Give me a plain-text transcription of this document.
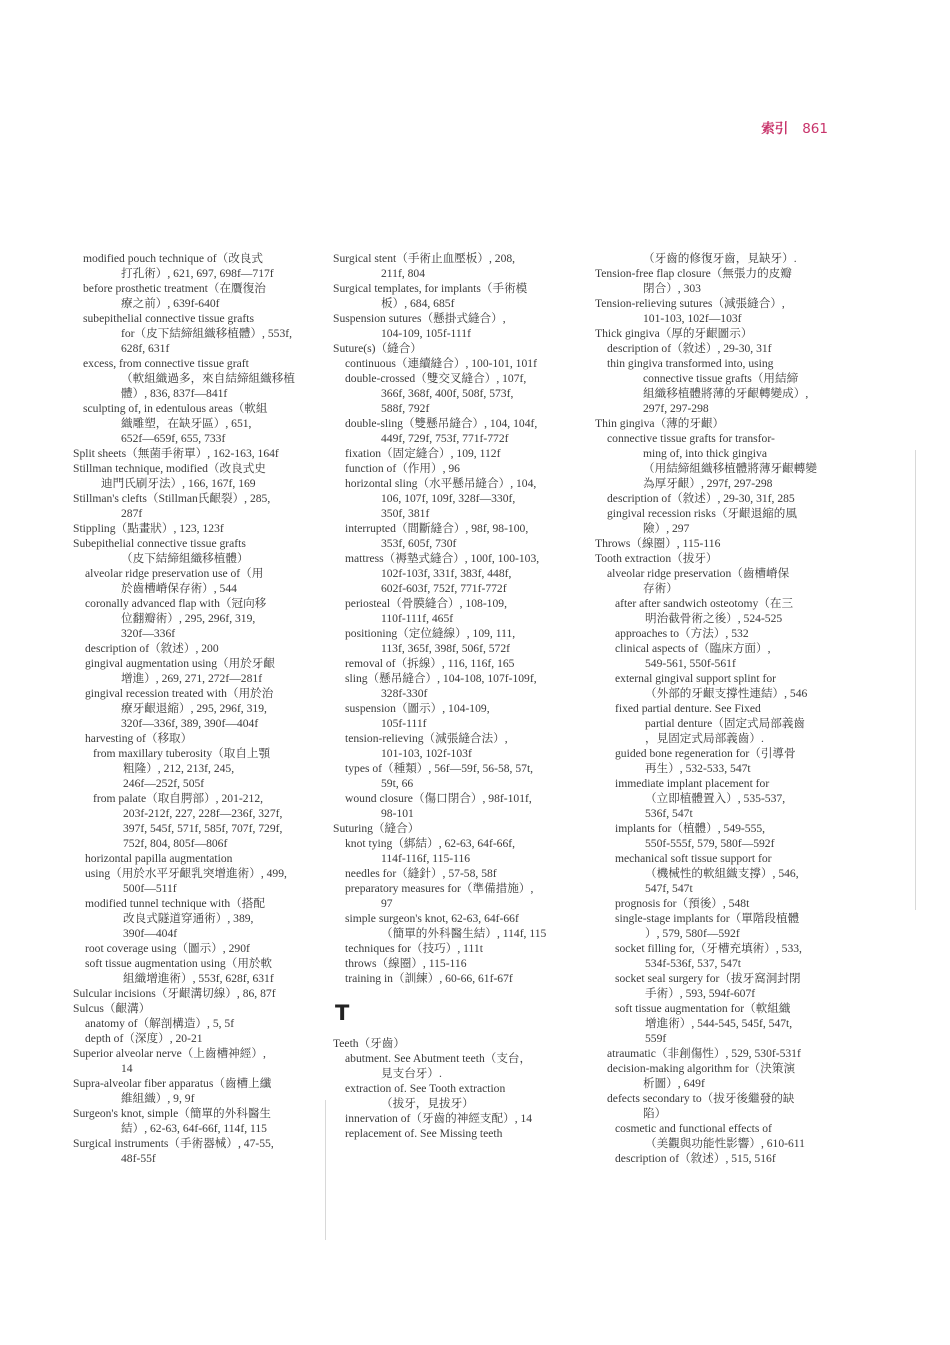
索引 861
modified pouch technique of（改良式
打孔術）, 621, 697, 698f—717f
before prosthetic treatment（在贋復治
療之前）, 639f-640f
subepithelial connective tissue grafts
for（皮下結締組織移植體）, 553f,
628f, 631f
excess, from connective tissue graft
（軟組織過多，來自結締組織移植
體）, 836, 837f—841f
sculpting of, in edentulous areas（軟組
織雕塑，在缺牙區）, 651,
652f—659f, 655, 733f
Split sheets（無菌手術單）, 162-163, 164f
Stillman technique, modified（改良式史
迪門氏刷牙法）, 166, 167f, 169
Stillman's clefts（Stillman氏齦裂）, 285,
287f
Stippling（點畫狀）, 123, 123f
Subepithelial connective tissue grafts
（皮下結締組織移植體）
alveolar ridge preservation use of（用
於齒槽嵴保存術）, 544
coronally advanced flap with（冠向移
位翻瓣術）, 295, 296f, 319,
320f—336f
description of（敘述）, 200
gingival augmentation using（用於牙齦
增進）, 269, 271, 272f—281f
gingival recession treated with（用於治
療牙齦退縮）, 295, 296f, 319,
320f—336f, 389, 390f—404f
harvesting of（移取）
from maxillary tuberosity（取自上顎
粗隆）, 212, 213f, 245,
246f—252f, 505f
from palate（取自腭部）, 201-212,
203f-212f, 227, 228f—236f, 327f,
397f, 545f, 571f, 585f, 707f, 729f,
752f, 804, 805f—806f
horizontal papilla augmentation
using（用於水平牙齦乳突增進術）, 499,
500f—511f
modified tunnel technique with（搭配
改良式隧道穿通術）, 389,
390f—404f
root coverage using（圖示）, 290f
soft tissue augmentation using（用於軟
組織增進術）, 553f, 628f, 631f
Sulcular incisions（牙齦溝切線）, 86, 87f
Sulcus（齦溝）
anatomy of（解剖構造）, 5, 5f
depth of（深度）, 20-21
Superior alveolar nerve（上齒槽神經）,
14
Supra-alveolar fiber apparatus（齒槽上纖
維組織）, 9, 9f
Surgeon's knot, simple（簡單的外科醫生
結）, 62-63, 64f-66f, 114f, 115
Surgical instruments（手術器械）, 47-55,
48f-55f
Surgical stent（手術止血壓板）, 208,
211f, 804
Surgical templates, for implants（手術模
板）, 684, 685f
Suspension sutures（懸掛式縫合）,
104-109, 105f-111f
Suture(s)（縫合）
continuous（連續縫合）, 100-101, 101f
double-crossed（雙交叉縫合）, 107f,
366f, 368f, 400f, 508f, 573f,
588f, 792f
double-sling（雙懸吊縫合）, 104, 104f,
449f, 729f, 753f, 771f-772f
fixation（固定縫合）, 109, 112f
function of（作用）, 96
horizontal sling（水平懸吊縫合）, 104,
106, 107f, 109f, 328f—330f,
350f, 381f
interrupted（間斷縫合）, 98f, 98-100,
353f, 605f, 730f
mattress（褥墊式縫合）, 100f, 100-103,
102f-103f, 331f, 383f, 448f,
602f-603f, 752f, 771f-772f
periosteal（骨膜縫合）, 108-109,
110f-111f, 465f
positioning（定位縫線）, 109, 111,
113f, 365f, 398f, 506f, 572f
removal of（拆線）, 116, 116f, 165
sling（懸吊縫合）, 104-108, 107f-109f,
328f-330f
suspension（圖示）, 104-109,
105f-111f
tension-relieving（減張縫合法）,
101-103, 102f-103f
types of（種類）, 56f—59f, 56-58, 57t,
59t, 66
wound closure（傷口閉合）, 98f-101f,
98-101
Suturing（縫合）
knot tying（綁結）, 62-63, 64f-66f,
114f-116f, 115-116
needles for（縫針）, 57-58, 58f
preparatory measures for（準備措施）,
97
simple surgeon's knot, 62-63, 64f-66f
（簡單的外科醫生結）, 114f, 115
techniques for（技巧）, 111t
throws（線圈）, 115-116
training in（訓練）, 60-66, 61f-67f
T
Teeth（牙齒）
abutment. See Abutment teeth（支台，
見支台牙）.
extraction of. See Tooth extraction
（拔牙，見拔牙）
innervation of（牙齒的神經支配）, 14
replacement of. See Missing teeth
（牙齒的修復牙齒，見缺牙）.
Tension-free flap closure（無張力的皮瓣
閉合）, 303
Tension-relieving sutures（減張縫合）,
101-103, 102f—103f
Thick gingiva（厚的牙齦圖示）
description of（敘述）, 29-30, 31f
thin gingiva transformed into, using
connective tissue grafts（用結締
組織移植體將薄的牙齦轉變成）,
297f, 297-298
Thin gingiva（薄的牙齦）
connective tissue grafts for transfor-
ming of, into thick gingiva
（用結締組織移植體將薄牙齦轉變
為厚牙齦）, 297f, 297-298
description of（敘述）, 29-30, 31f, 285
gingival recession risks（牙齦退縮的風
險）, 297
Throws（線圈）, 115-116
Tooth extraction（拔牙）
alveolar ridge preservation（齒槽嵴保
存術）
after after sandwich osteotomy（在三
明治截骨術之後）, 524-525
approaches to（方法）, 532
clinical aspects of（臨床方面）,
549-561, 550f-561f
external gingival support splint for
（外部的牙齦支撐性連結）, 546
fixed partial denture. See Fixed
partial denture（固定式局部義齒
，見固定式局部義齒）.
guided bone regeneration for（引導骨
再生）, 532-533, 547t
immediate implant placement for
（立即植體置入）, 535-537,
536f, 547t
implants for（植體）, 549-555,
550f-555f, 579, 580f—592f
mechanical soft tissue support for
（機械性的軟組織支撐）, 546,
547f, 547t
prognosis for（預後）, 548t
single-stage implants for（單階段植體
）, 579, 580f—592f
socket filling for,（牙槽充填術）, 533,
534f-536f, 537, 547t
socket seal surgery for（拔牙窩洞封閉
手術）, 593, 594f-607f
soft tissue augmentation for（軟組織
增進術）, 544-545, 545f, 547t,
559f
atraumatic（非創傷性）, 529, 530f-531f
decision-making algorithm for（決策演
析圖）, 649f
defects secondary to（拔牙後繼發的缺
陷）
cosmetic and functional effects of
（美觀與功能性影響）, 610-611
description of（敘述）, 515, 516f
